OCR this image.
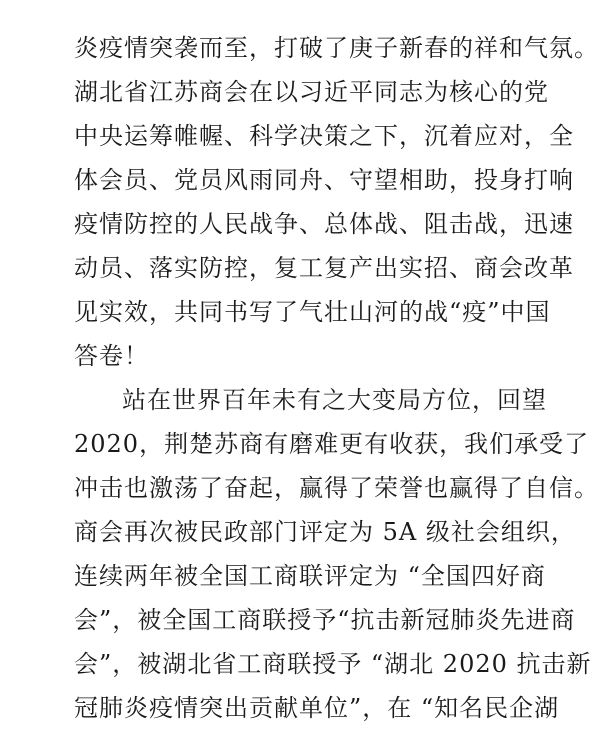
炎疫情突袭而至，打破了庚子新春的祥和气氛。
湖北省江苏商会在以习近平同志为核心的党
中央运筹帷幄、科学决策之下，沉着应对，全
体会员、党员风雨同舟、守望相助，投身打响
疫情防控的人民战争、总体战、阻击战，迅速
动员、落实防控，复工复产出实招、商会改革
见实效，共同书写了气壮山河的战“疫”中国
答卷！
站在世界百年未有之大变局方位，回望
2020，荆楚苏商有磨难更有收获，我们承受了
冲击也激荡了奋起，赢得了荣誉也赢得了自信。
商会再次被民政部门评定为 5A 级社会组织，
连续两年被全国工商联评定为 “全国四好商
会”，被全国工商联授予“抗击新冠肺炎先进商
会”，被湖北省工商联授予 “湖北 2020 抗击新
冠肺炎疫情突出贡献单位”，在 “知名民企湖
